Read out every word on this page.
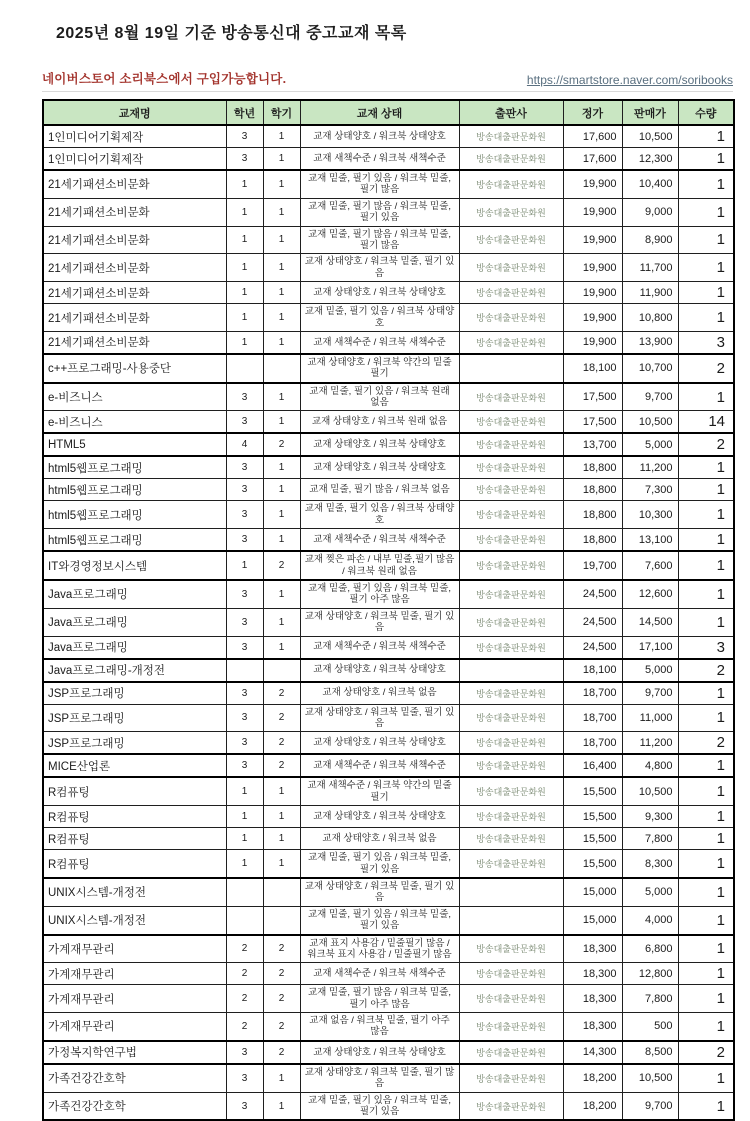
2025년 8월 19일 기준 방송통신대 중고교재 목록
네이버스토어 소리북스에서 구입가능합니다.	https://smartstore.naver.com/soribooks
교재명	학년	학기	교재 상태	출판사	정가	판매가	수량
1인미디어기획제작	3	1	교재 상태양호 / 워크북 상태양호	방송대출판문화원	17,600	10,500	1
1인미디어기획제작	3	1	교재 새책수준 / 워크북 새책수준	방송대출판문화원	17,600	12,300	1
21세기패션소비문화	1	1	교재 밑줄, 필기 있음 / 워크북 밑줄, 필기 많음	방송대출판문화원	19,900	10,400	1
21세기패션소비문화	1	1	교재 밑줄, 필기 많음 / 워크북 밑줄, 필기 있음	방송대출판문화원	19,900	9,000	1
21세기패션소비문화	1	1	교재 밑줄, 필기 많음 / 워크북 밑줄, 필기 많음	방송대출판문화원	19,900	8,900	1
21세기패션소비문화	1	1	교재 상태양호 / 워크북 밑줄, 필기 있음	방송대출판문화원	19,900	11,700	1
21세기패션소비문화	1	1	교재 상태양호 / 워크북 상태양호	방송대출판문화원	19,900	11,900	1
21세기패션소비문화	1	1	교재 밑줄, 필기 있음 / 워크북 상태양호	방송대출판문화원	19,900	10,800	1
21세기패션소비문화	1	1	교재 새책수준 / 워크북 새책수준	방송대출판문화원	19,900	13,900	3
c++프로그래밍-사용중단			교재 상태양호 / 워크북 약간의 밑줄필기		18,100	10,700	2
e-비즈니스	3	1	교재 밑줄, 필기 있음 / 워크북 원래 없음	방송대출판문화원	17,500	9,700	1
e-비즈니스	3	1	교재 상태양호 / 워크북 원래 없음	방송대출판문화원	17,500	10,500	14
HTML5	4	2	교재 상태양호 / 워크북 상태양호	방송대출판문화원	13,700	5,000	2
html5웹프로그래밍	3	1	교재 상태양호 / 워크북 상태양호	방송대출판문화원	18,800	11,200	1
html5웹프로그래밍	3	1	교재 밑줄, 필기 많음 / 워크북 없음	방송대출판문화원	18,800	7,300	1
html5웹프로그래밍	3	1	교재 밑줄, 필기 있음 / 워크북 상태양호	방송대출판문화원	18,800	10,300	1
html5웹프로그래밍	3	1	교재 새책수준 / 워크북 새책수준	방송대출판문화원	18,800	13,100	1
IT와경영정보시스템	1	2	교재 찢은 파손 / 내부 밑줄,필기 많음 / 워크북 원래 없음	방송대출판문화원	19,700	7,600	1
Java프로그래밍	3	1	교재 밑줄, 필기 있음 / 워크북 밑줄, 필기 아주 많음	방송대출판문화원	24,500	12,600	1
Java프로그래밍	3	1	교재 상태양호 / 워크북 밑줄, 필기 있음	방송대출판문화원	24,500	14,500	1
Java프로그래밍	3	1	교재 새책수준 / 워크북 새책수준	방송대출판문화원	24,500	17,100	3
Java프로그래밍-개정전			교재 상태양호 / 워크북 상태양호		18,100	5,000	2
JSP프로그래밍	3	2	교재 상태양호 / 워크북 없음	방송대출판문화원	18,700	9,700	1
JSP프로그래밍	3	2	교재 상태양호 / 워크북 밑줄, 필기 있음	방송대출판문화원	18,700	11,000	1
JSP프로그래밍	3	2	교재 상태양호 / 워크북 상태양호	방송대출판문화원	18,700	11,200	2
MICE산업론	3	2	교재 새책수준 / 워크북 새책수준	방송대출판문화원	16,400	4,800	1
R컴퓨팅	1	1	교재 새책수준 / 워크북 약간의 밑줄필기	방송대출판문화원	15,500	10,500	1
R컴퓨팅	1	1	교재 상태양호 / 워크북 상태양호	방송대출판문화원	15,500	9,300	1
R컴퓨팅	1	1	교재 상태양호 / 워크북 없음	방송대출판문화원	15,500	7,800	1
R컴퓨팅	1	1	교재 밑줄, 필기 있음 / 워크북 밑줄, 필기 있음	방송대출판문화원	15,500	8,300	1
UNIX시스템-개정전			교재 상태양호 / 워크북 밑줄, 필기 있음		15,000	5,000	1
UNIX시스템-개정전			교재 밑줄, 필기 있음 / 워크북 밑줄, 필기 있음		15,000	4,000	1
가계재무관리	2	2	교재 표지 사용감 / 밑줄필기 많음 / 워크북 표지 사용감 / 밑줄필기 많음	방송대출판문화원	18,300	6,800	1
가계재무관리	2	2	교재 새책수준 / 워크북 새책수준	방송대출판문화원	18,300	12,800	1
가계재무관리	2	2	교재 밑줄, 필기 많음 / 워크북 밑줄, 필기 아주 많음	방송대출판문화원	18,300	7,800	1
가계재무관리	2	2	교재 없음 / 워크북 밑줄, 필기 아주 많음	방송대출판문화원	18,300	500	1
가정복지학연구법	3	2	교재 상태양호 / 워크북 상태양호	방송대출판문화원	14,300	8,500	2
가족건강간호학	3	1	교재 상태양호 / 워크북 밑줄, 필기 많음	방송대출판문화원	18,200	10,500	1
가족건강간호학	3	1	교재 밑줄, 필기 있음 / 워크북 밑줄, 필기 있음	방송대출판문화원	18,200	9,700	1
